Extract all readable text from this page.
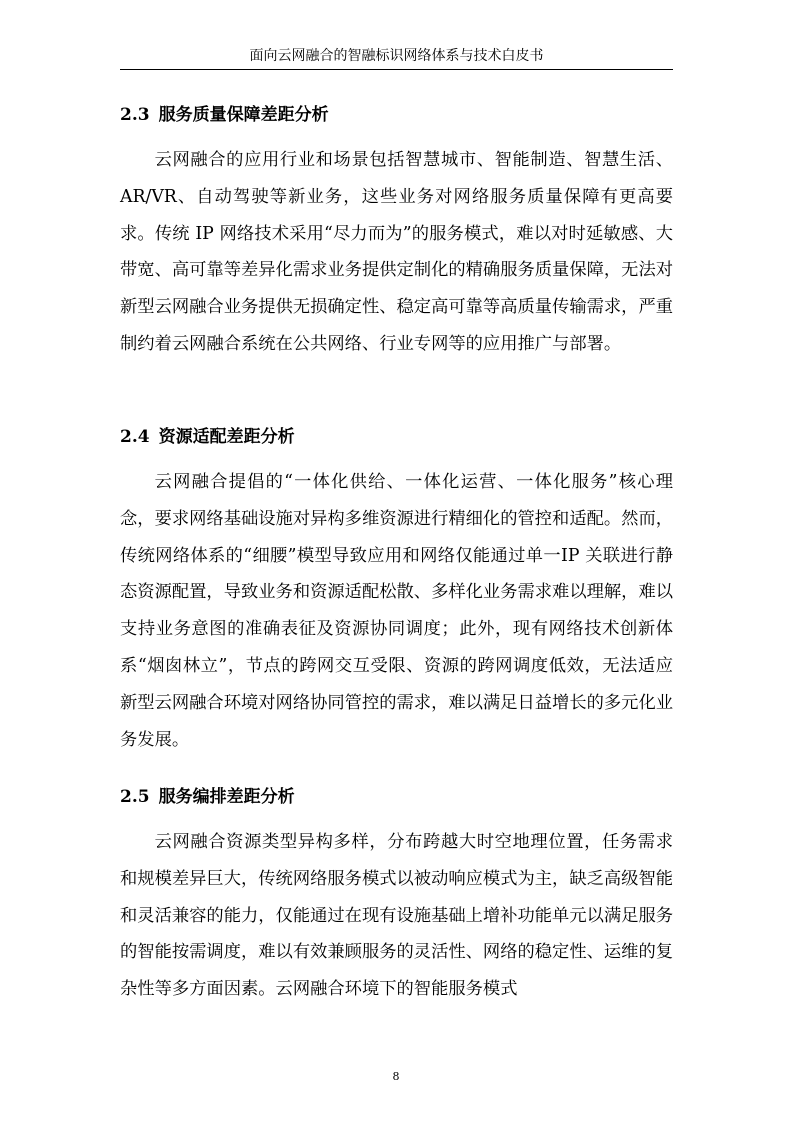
面向云网融合的智融标识网络体系与技术白皮书
2.3 服务质量保障差距分析

云网融合的应用行业和场景包括智慧城市、智能制造、智慧生活、AR/VR、自动驾驶等新业务，这些业务对网络服务质量保障有更高要求。传统 IP 网络技术采用“尽力而为”的服务模式，难以对时延敏感、大带宽、高可靠等差异化需求业务提供定制化的精确服务质量保障，无法对新型云网融合业务提供无损确定性、稳定高可靠等高质量传输需求，严重制约着云网融合系统在公共网络、行业专网等的应用推广与部署。

2.4 资源适配差距分析

云网融合提倡的“一体化供给、一体化运营、一体化服务”核心理念，要求网络基础设施对异构多维资源进行精细化的管控和适配。然而，传统网络体系的“细腰”模型导致应用和网络仅能通过单一IP 关联进行静态资源配置，导致业务和资源适配松散、多样化业务需求难以理解，难以支持业务意图的准确表征及资源协同调度；此外，现有网络技术创新体系“烟囱林立”，节点的跨网交互受限、资源的跨网调度低效，无法适应新型云网融合环境对网络协同管控的需求，难以满足日益增长的多元化业务发展。

2.5 服务编排差距分析

云网融合资源类型异构多样，分布跨越大时空地理位置，任务需求和规模差异巨大，传统网络服务模式以被动响应模式为主，缺乏高级智能和灵活兼容的能力，仅能通过在现有设施基础上增补功能单元以满足服务的智能按需调度，难以有效兼顾服务的灵活性、网络的稳定性、运维的复杂性等多方面因素。云网融合环境下的智能服务模式

8
